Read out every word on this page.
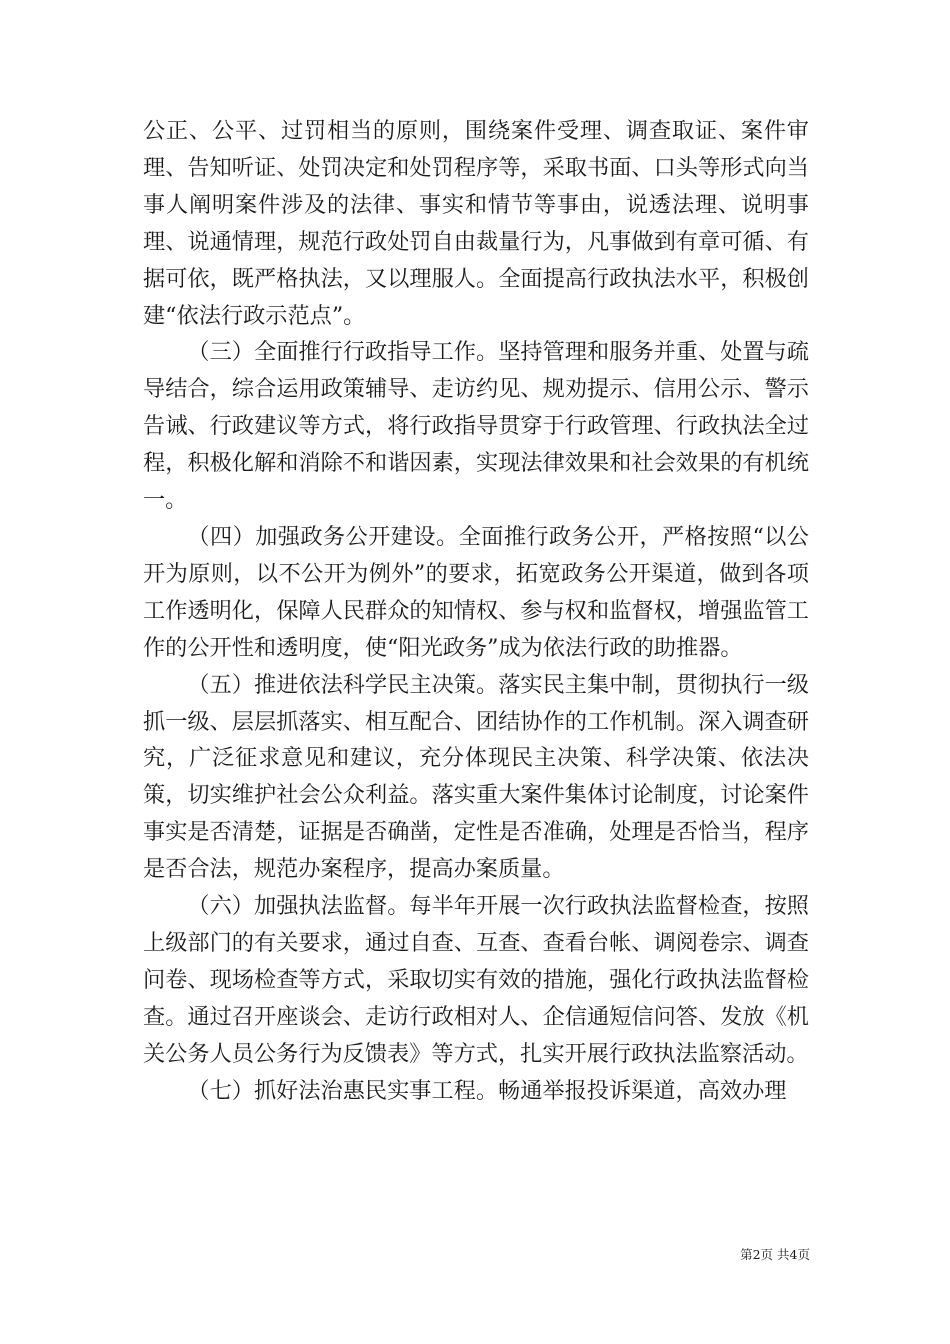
公正、公平、过罚相当的原则，围绕案件受理、调查取证、案件审理、告知听证、处罚决定和处罚程序等，采取书面、口头等形式向当事人阐明案件涉及的法律、事实和情节等事由，说透法理、说明事理、说通情理，规范行政处罚自由裁量行为，凡事做到有章可循、有据可依，既严格执法，又以理服人。全面提高行政执法水平，积极创建“依法行政示范点”。

（三）全面推行行政指导工作。坚持管理和服务并重、处置与疏导结合，综合运用政策辅导、走访约见、规劝提示、信用公示、警示告诫、行政建议等方式，将行政指导贯穿于行政管理、行政执法全过程，积极化解和消除不和谐因素，实现法律效果和社会效果的有机统一。

（四）加强政务公开建设。全面推行政务公开，严格按照“以公开为原则，以不公开为例外”的要求，拓宽政务公开渠道，做到各项工作透明化，保障人民群众的知情权、参与权和监督权，增强监管工作的公开性和透明度，使“阳光政务”成为依法行政的助推器。

（五）推进依法科学民主决策。落实民主集中制，贯彻执行一级抓一级、层层抓落实、相互配合、团结协作的工作机制。深入调查研究，广泛征求意见和建议，充分体现民主决策、科学决策、依法决策，切实维护社会公众利益。落实重大案件集体讨论制度，讨论案件事实是否清楚，证据是否确凿，定性是否准确，处理是否恰当，程序是否合法，规范办案程序，提高办案质量。

（六）加强执法监督。每半年开展一次行政执法监督检查，按照上级部门的有关要求，通过自查、互查、查看台帐、调阅卷宗、调查问卷、现场检查等方式，采取切实有效的措施，强化行政执法监督检查。通过召开座谈会、走访行政相对人、企信通短信问答、发放《机关公务人员公务行为反馈表》等方式，扎实开展行政执法监察活动。

（七）抓好法治惠民实事工程。畅通举报投诉渠道，高效办理

第2页 共4页
